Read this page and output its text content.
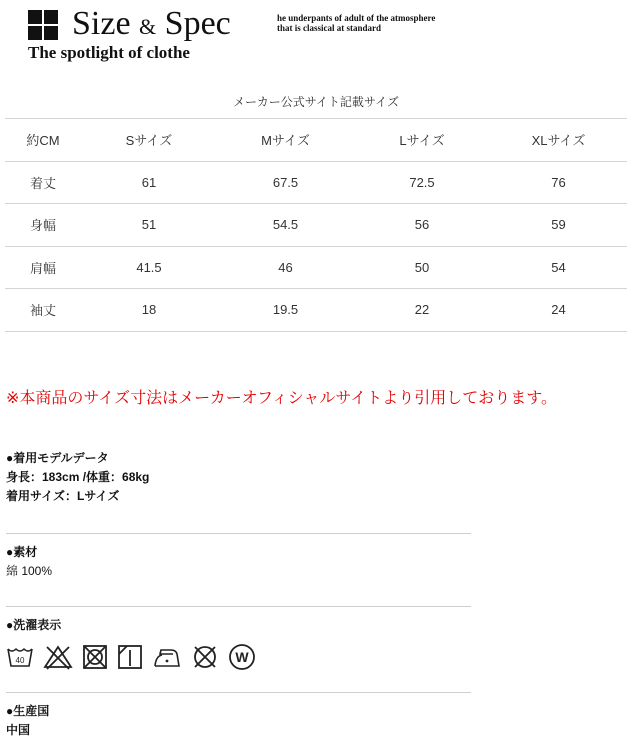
Size & Spec
The spotlight of clothe
he underpants of adult of the atmosphere
that is classical at standard
メーカー公式サイト記載サイズ
約CM	Sサイズ	Mサイズ	Lサイズ	XLサイズ
着丈	61	67.5	72.5	76
身幅	51	54.5	56	59
肩幅	41.5	46	50	54
袖丈	18	19.5	22	24
※本商品のサイズ寸法はメーカーオフィシャルサイトより引用しております。
●着用モデルデータ
身長：183cm /体重：68kg
着用サイズ：Lサイズ
●素材
綿 100%
●洗濯表示
40	W
●生産国
中国
